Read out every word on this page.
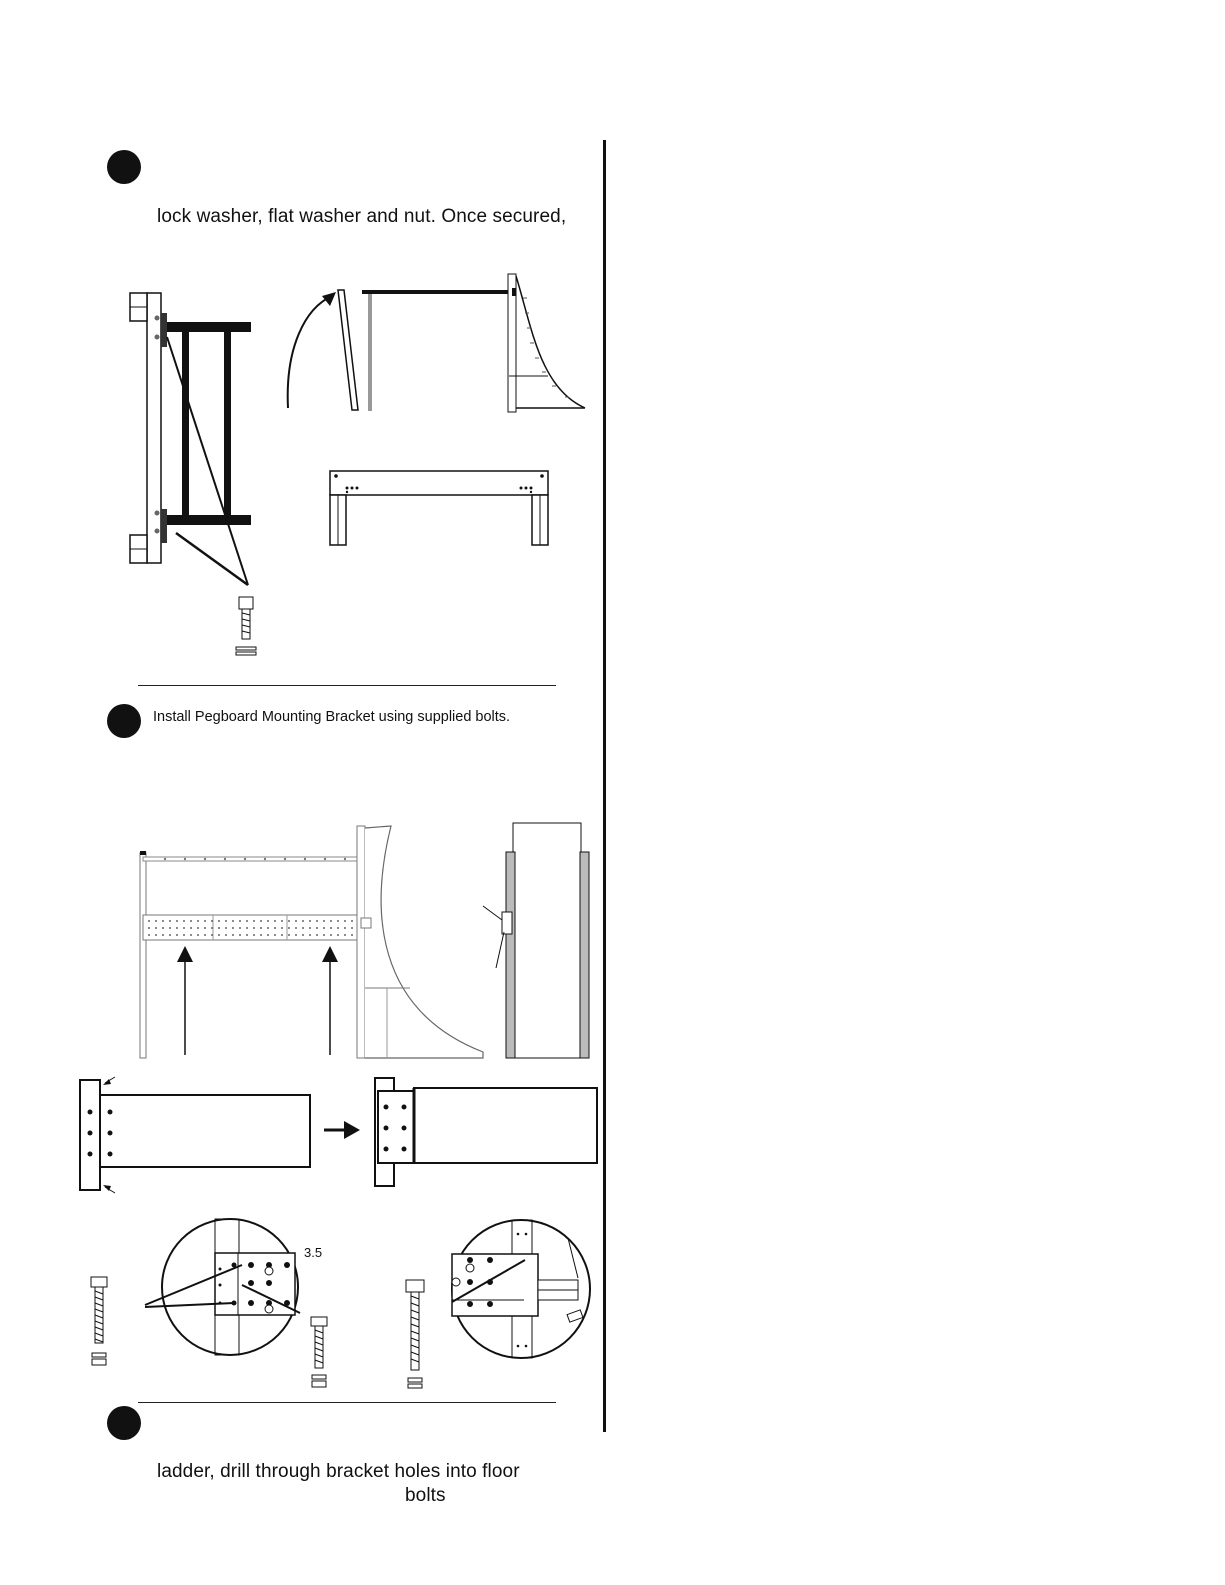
lock washer, flat washer and nut. Once secured,
Install Pegboard Mounting Bracket using supplied bolts.
3.5
ladder, drill through bracket holes into floor
bolts
